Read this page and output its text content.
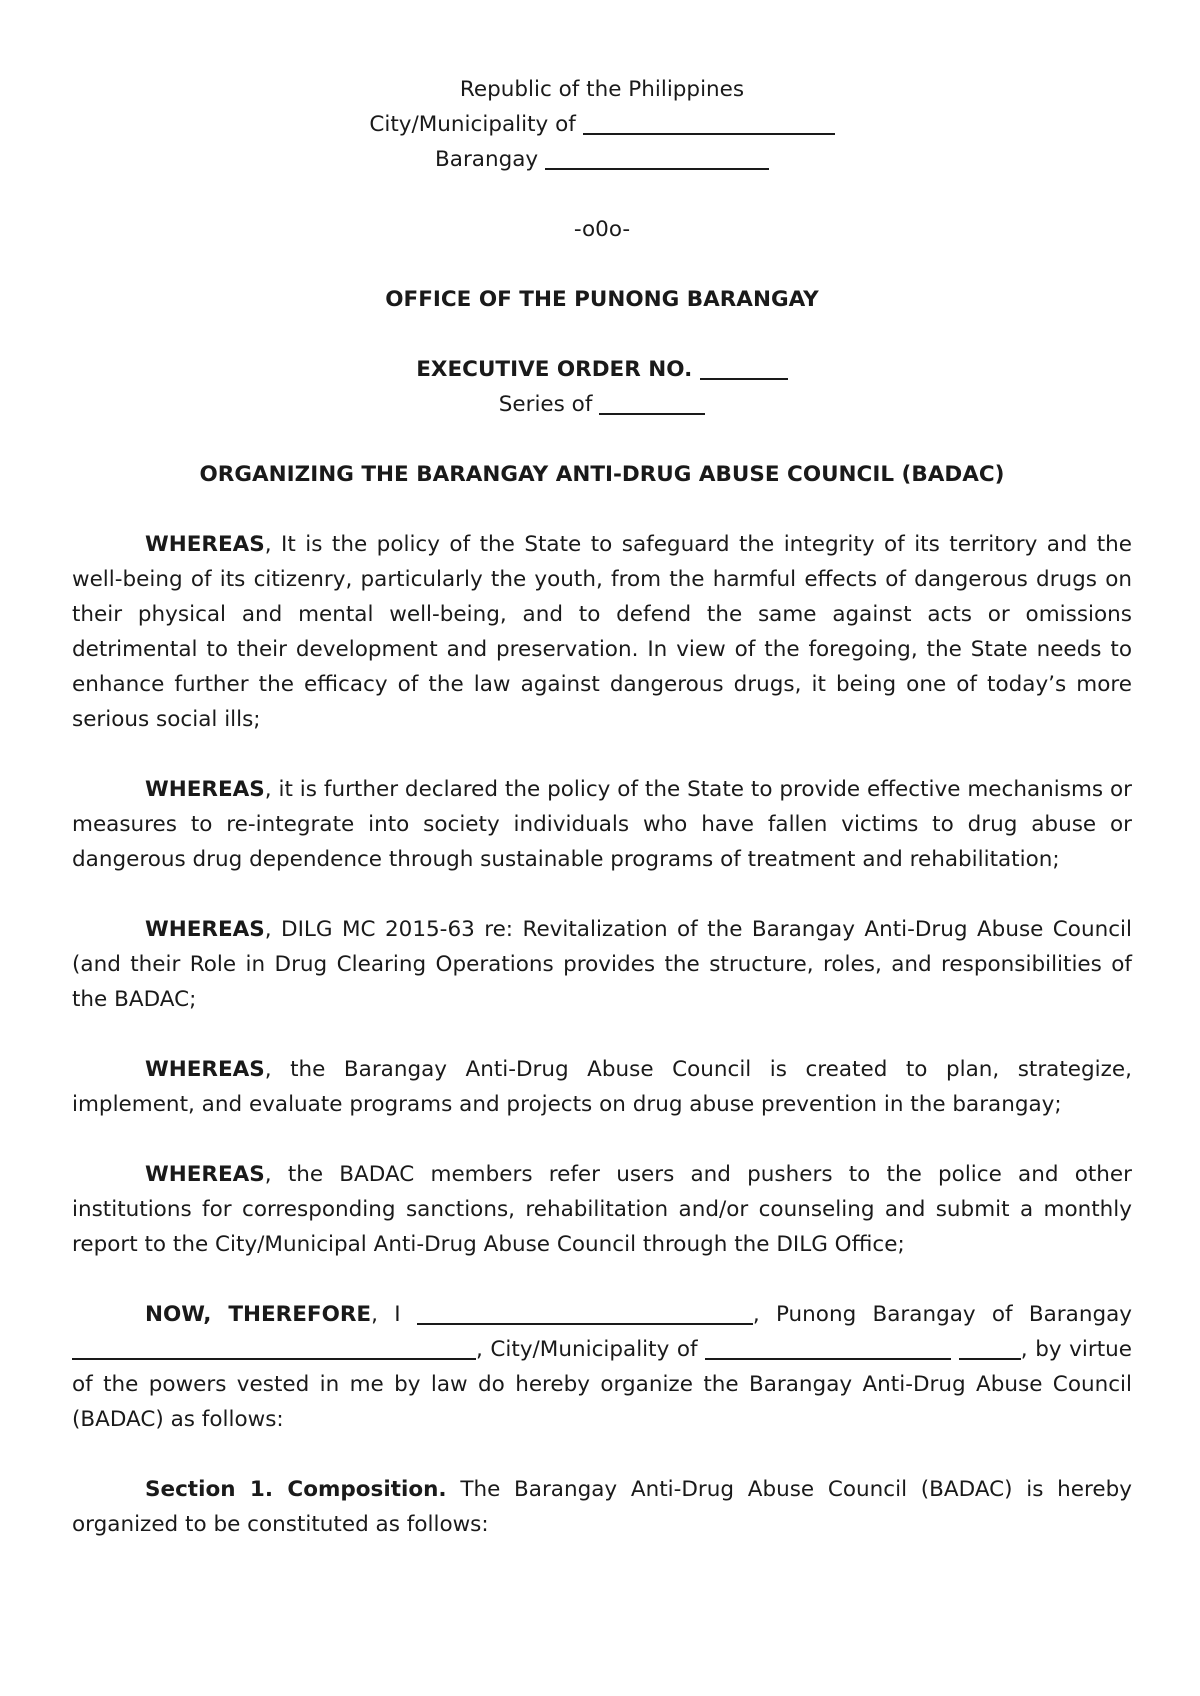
Republic of the Philippines
City/Municipality of
Barangay
-o0o-
OFFICE OF THE PUNONG BARANGAY
EXECUTIVE ORDER NO.
Series of
ORGANIZING THE BARANGAY ANTI-DRUG ABUSE COUNCIL (BADAC)

WHEREAS, It is the policy of the State to safeguard the integrity of its territory and the well-being of its citizenry, particularly the youth, from the harmful effects of dangerous drugs on their physical and mental well-being, and to defend the same against acts or omissions detrimental to their development and preservation. In view of the foregoing, the State needs to enhance further the efficacy of the law against dangerous drugs, it being one of today’s more serious social ills;

WHEREAS, it is further declared the policy of the State to provide effective mechanisms or measures to re-integrate into society individuals who have fallen victims to drug abuse or dangerous drug dependence through sustainable programs of treatment and rehabilitation;

WHEREAS, DILG MC 2015-63 re: Revitalization of the Barangay Anti-Drug Abuse Council (and their Role in Drug Clearing Operations provides the structure, roles, and responsibilities of the BADAC;

WHEREAS, the Barangay Anti-Drug Abuse Council is created to plan, strategize, implement, and evaluate programs and projects on drug abuse prevention in the barangay;

WHEREAS, the BADAC members refer users and pushers to the police and other institutions for corresponding sanctions, rehabilitation and/or counseling and submit a monthly report to the City/Municipal Anti-Drug Abuse Council through the DILG Office;

NOW, THEREFORE, I	, Punong Barangay of Barangay , City/Municipality of	, by virtue of the powers vested in me by law do hereby organize the Barangay Anti-Drug Abuse Council (BADAC) as follows:

Section 1. Composition. The Barangay Anti-Drug Abuse Council (BADAC) is hereby organized to be constituted as follows:
